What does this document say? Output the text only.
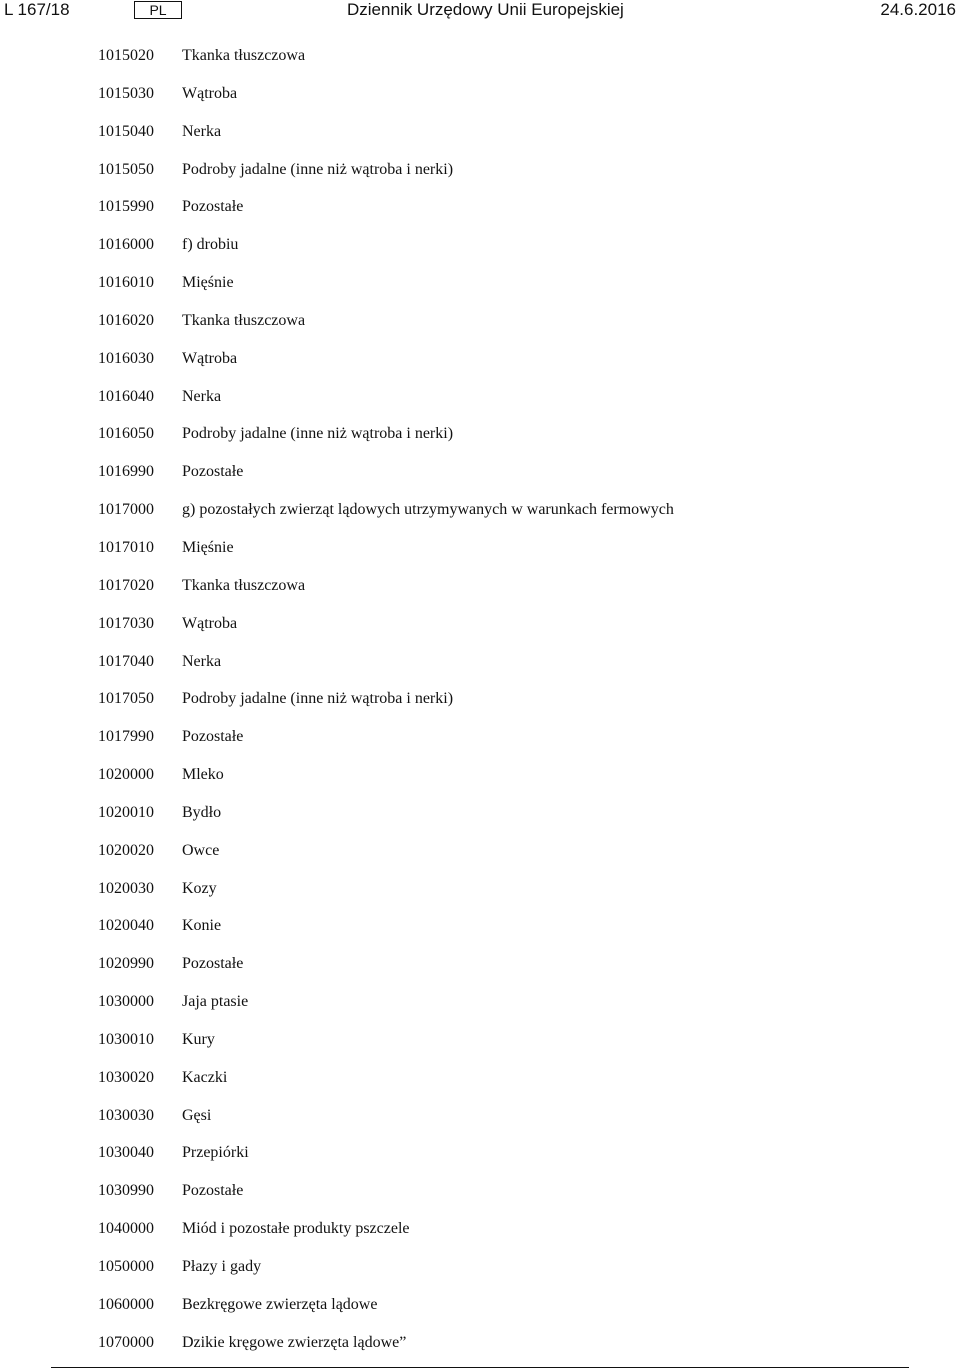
L 167/18	PL	Dziennik Urzędowy Unii Europejskiej	24.6.2016
1015020	Tkanka tłuszczowa
1015030	Wątroba
1015040	Nerka
1015050	Podroby jadalne (inne niż wątroba i nerki)
1015990	Pozostałe
1016000	f) drobiu
1016010	Mięśnie
1016020	Tkanka tłuszczowa
1016030	Wątroba
1016040	Nerka
1016050	Podroby jadalne (inne niż wątroba i nerki)
1016990	Pozostałe
1017000	g) pozostałych zwierząt lądowych utrzymywanych w warunkach fermowych
1017010	Mięśnie
1017020	Tkanka tłuszczowa
1017030	Wątroba
1017040	Nerka
1017050	Podroby jadalne (inne niż wątroba i nerki)
1017990	Pozostałe
1020000	Mleko
1020010	Bydło
1020020	Owce
1020030	Kozy
1020040	Konie
1020990	Pozostałe
1030000	Jaja ptasie
1030010	Kury
1030020	Kaczki
1030030	Gęsi
1030040	Przepiórki
1030990	Pozostałe
1040000	Miód i pozostałe produkty pszczele
1050000	Płazy i gady
1060000	Bezkręgowe zwierzęta lądowe
1070000	Dzikie kręgowe zwierzęta lądowe”
